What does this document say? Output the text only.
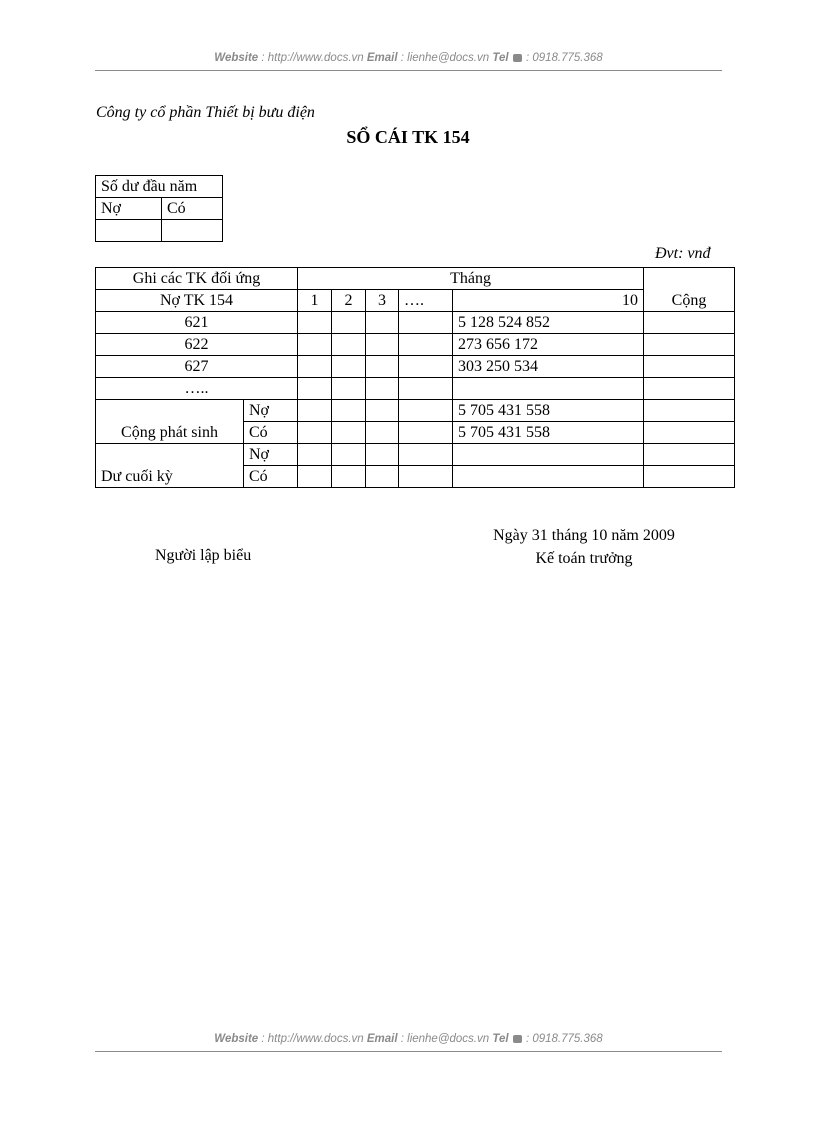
Website : http://www.docs.vn Email : lienhe@docs.vn Tel : 0918.775.368
Công ty cổ phần Thiết bị bưu điện
SỔ CÁI TK 154
Số dư đầu năm	
Nợ	Có

Đvt: vnđ
Ghi các TK đối ứng		Tháng					Cộng
Nợ TK 154		1	2	3	….	10	
621						5 128 524 852	
622						273 656 172	
627						303 250 534	
…..							
Cộng phát sinh	Nợ					5 705 431 558	
	Có					5 705 431 558	
Dư cuối kỳ	Nợ						
	Có						
Ngày 31 tháng 10 năm 2009
Kế toán trưởng
Người lập biểu
Website : http://www.docs.vn Email : lienhe@docs.vn Tel : 0918.775.368
